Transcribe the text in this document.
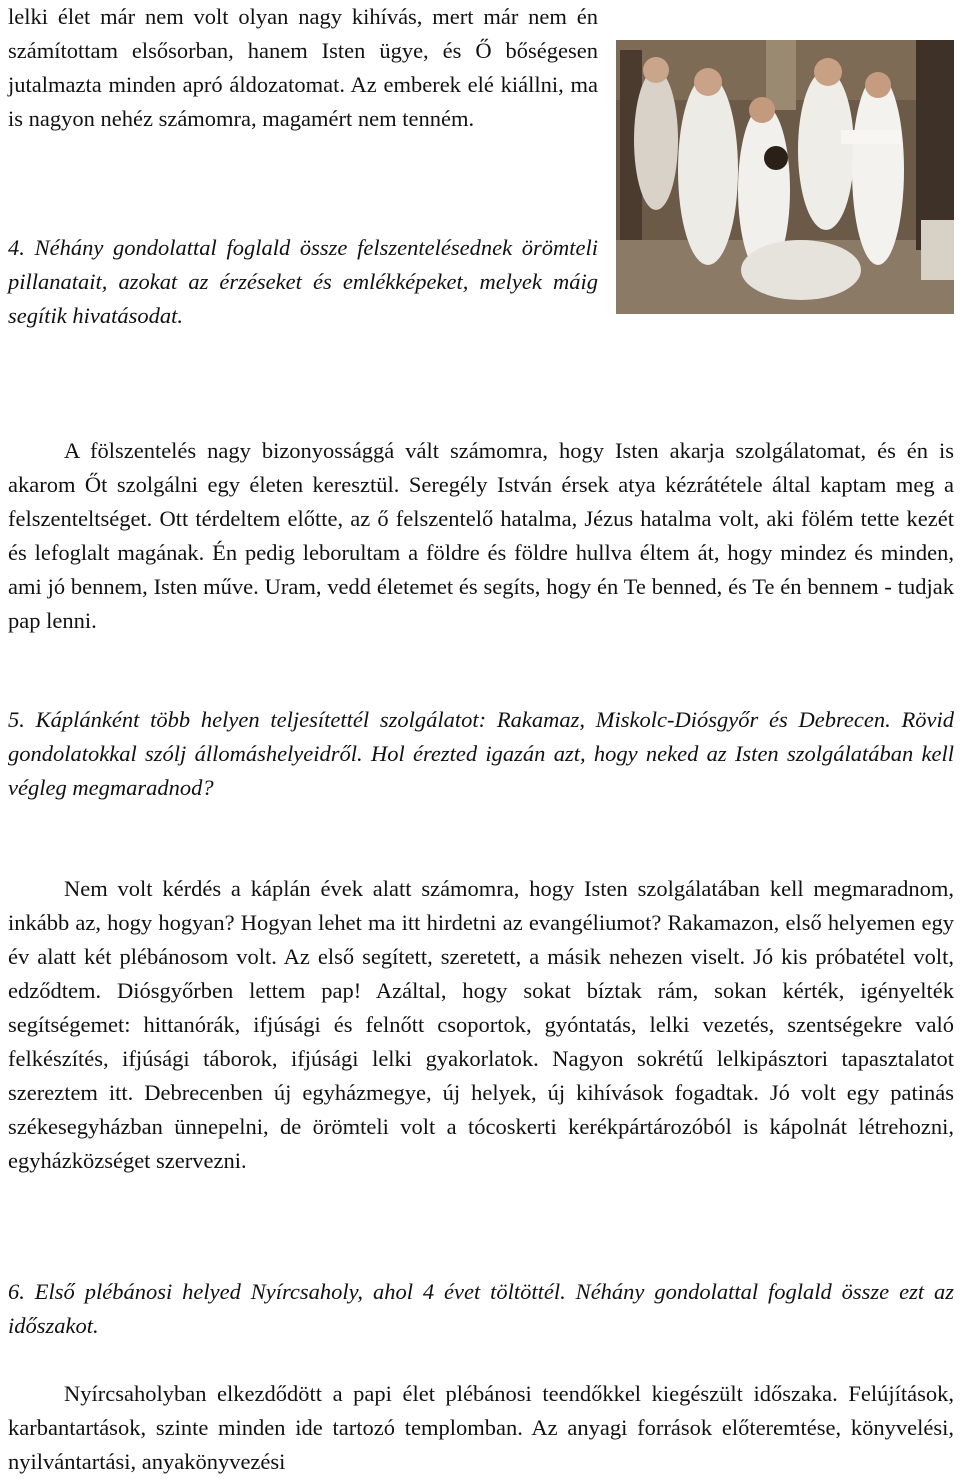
lelki élet már nem volt olyan nagy kihívás, mert már nem én számítottam elsősorban, hanem Isten ügye, és Ő bőségesen jutalmazta minden apró áldozatomat. Az emberek elé kiállni, ma is nagyon nehéz számomra, magamért nem tenném.

4. Néhány gondolattal foglald össze felszentelésednek örömteli pillanatait, azokat az érzéseket és emlékképeket, melyek máig segítik hivatásodat.

A fölszentelés nagy bizonyossággá vált számomra, hogy Isten akarja szolgálatomat, és én is akarom Őt szolgálni egy életen keresztül. Seregély István érsek atya kézrátétele által kaptam meg a felszenteltséget. Ott térdeltem előtte, az ő felszentelő hatalma, Jézus hatalma volt, aki fölém tette kezét és lefoglalt magának. Én pedig leborultam a földre és földre hullva éltem át, hogy mindez és minden, ami jó bennem, Isten műve. Uram, vedd életemet és segíts, hogy én Te benned, és Te én bennem - tudjak pap lenni.

5. Káplánként több helyen teljesítettél szolgálatot: Rakamaz, Miskolc-Diósgyőr és Debrecen. Rövid gondolatokkal szólj állomáshelyeidről. Hol érezted igazán azt, hogy neked az Isten szolgálatában kell végleg megmaradnod?

Nem volt kérdés a káplán évek alatt számomra, hogy Isten szolgálatában kell megmaradnom, inkább az, hogy hogyan? Hogyan lehet ma itt hirdetni az evangéliumot? Rakamazon, első helyemen egy év alatt két plébánosom volt. Az első segített, szeretett, a másik nehezen viselt. Jó kis próbatétel volt, edződtem. Diósgyőrben lettem pap! Azáltal, hogy sokat bíztak rám, sokan kérték, igényelték segítségemet: hittanórák, ifjúsági és felnőtt csoportok, gyóntatás, lelki vezetés, szentségekre való felkészítés, ifjúsági táborok, ifjúsági lelki gyakorlatok. Nagyon sokrétű lelkipásztori tapasztalatot szereztem itt. Debrecenben új egyházmegye, új helyek, új kihívások fogadtak. Jó volt egy patinás székesegyházban ünnepelni, de örömteli volt a tócoskerti kerékpártározóból is kápolnát létrehozni, egyházközséget szervezni.

6. Első plébánosi helyed Nyírcsaholy, ahol 4 évet töltöttél. Néhány gondolattal foglald össze ezt az időszakot.

Nyírcsaholyban elkezdődött a papi élet plébánosi teendőkkel kiegészült időszaka. Felújítások, karbantartások, szinte minden ide tartozó templomban. Az anyagi források előteremtése, könyvelési, nyilvántartási, anyakönyvezési
